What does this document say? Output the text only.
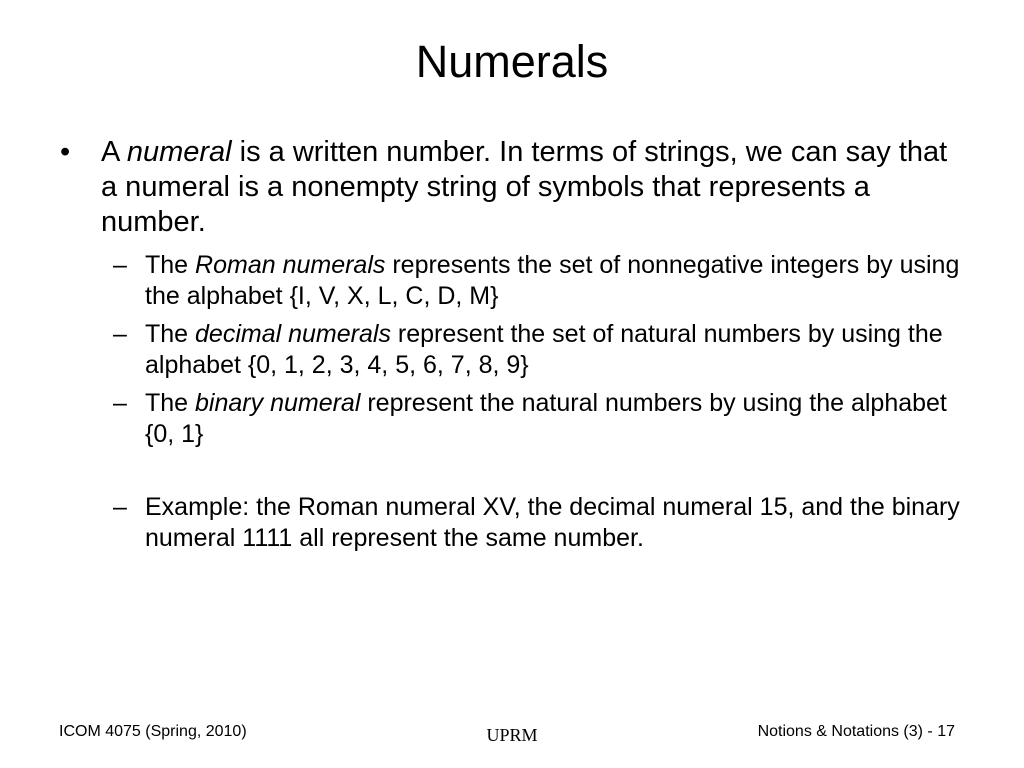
Numerals
•	A numeral is a written number. In terms of strings, we can say that a numeral is a nonempty string of symbols that represents a number.
– The Roman numerals represents the set of nonnegative integers by using the alphabet {I, V, X, L, C, D, M}
– The decimal numerals represent the set of natural numbers by using the alphabet {0, 1, 2, 3, 4, 5, 6, 7, 8, 9}
– The binary numeral represent the natural numbers by using the alphabet {0, 1}
– Example: the Roman numeral XV, the decimal numeral 15, and the binary numeral 1111 all represent the same number.
ICOM 4075 (Spring, 2010)	UPRM	Notions & Notations (3) - 17
